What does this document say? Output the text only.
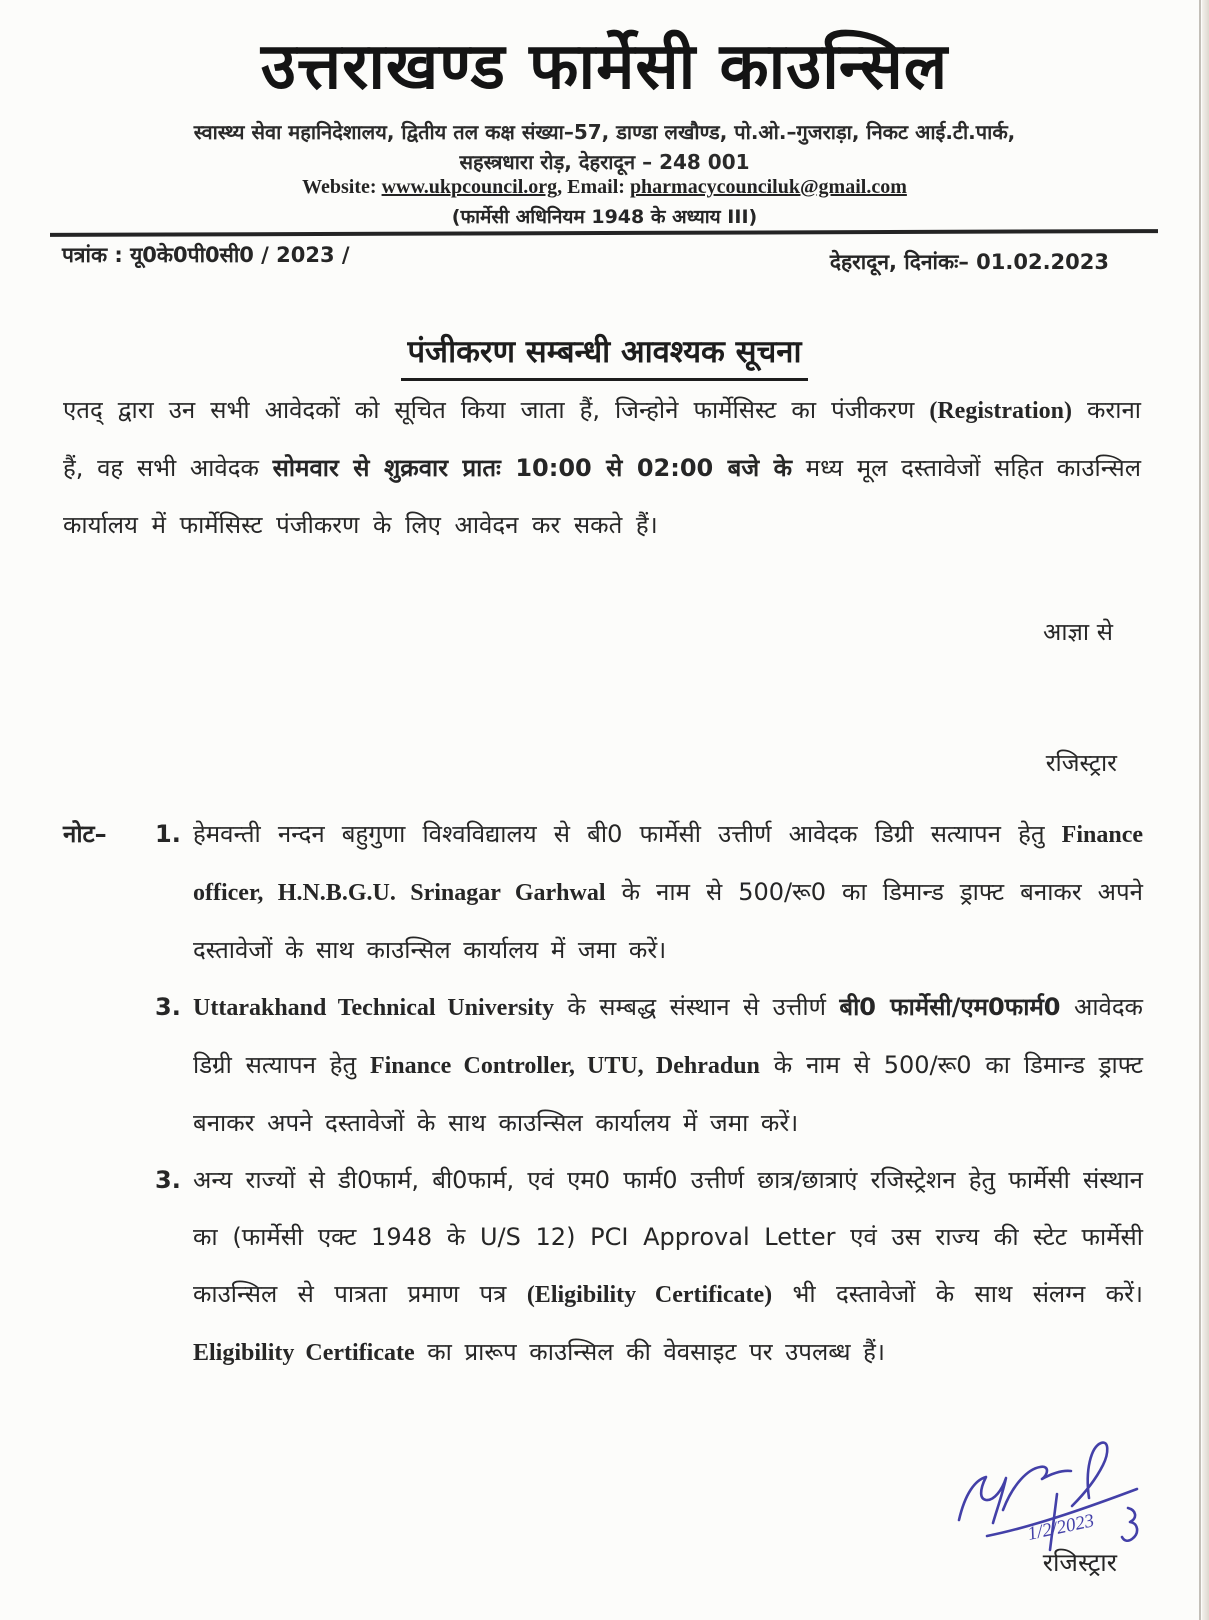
उत्तराखण्ड फार्मेसी काउन्सिल
स्वास्थ्य सेवा महानिदेशालय, द्वितीय तल कक्ष संख्या–57, डाण्डा लखौण्ड, पो.ओ.–गुजराड़ा, निकट आई.टी.पार्क,
सहस्त्रधारा रोड़, देहरादून – 248 001
Website: www.ukpcouncil.org, Email: pharmacycounciluk@gmail.com
(फार्मेसी अधिनियम 1948 के अध्याय III)
पत्रांक : यू0के0पी0सी0 / 2023 /	देहरादून, दिनांकः– 01.02.2023
पंजीकरण सम्बन्धी आवश्यक सूचना
एतद् द्वारा उन सभी आवेदकों को सूचित किया जाता हैं, जिन्होने फार्मेसिस्ट का पंजीकरण (Registration) कराना हैं, वह सभी आवेदक सोमवार से शुक्रवार प्रातः 10:00 से 02:00 बजे के मध्य मूल दस्तावेजों सहित काउन्सिल कार्यालय में फार्मेसिस्ट पंजीकरण के लिए आवेदन कर सकते हैं।
आज्ञा से
रजिस्ट्रार
नोट–	1. हेमवन्ती नन्दन बहुगुणा विश्वविद्यालय से बी0 फार्मेसी उत्तीर्ण आवेदक डिग्री सत्यापन हेतु Finance officer, H.N.B.G.U. Srinagar Garhwal के नाम से 500/रू0 का डिमान्ड ड्राफ्ट बनाकर अपने दस्तावेजों के साथ काउन्सिल कार्यालय में जमा करें।
3. Uttarakhand Technical University के सम्बद्ध संस्थान से उत्तीर्ण बी0 फार्मेसी/एम0फार्म0 आवेदक डिग्री सत्यापन हेतु Finance Controller, UTU, Dehradun के नाम से 500/रू0 का डिमान्ड ड्राफ्ट बनाकर अपने दस्तावेजों के साथ काउन्सिल कार्यालय में जमा करें।
3. अन्य राज्यों से डी0फार्म, बी0फार्म, एवं एम0 फार्म0 उत्तीर्ण छात्र/छात्राएं रजिस्ट्रेशन हेतु फार्मेसी संस्थान का (फार्मेसी एक्ट 1948 के U/S 12) PCI Approval Letter एवं उस राज्य की स्टेट फार्मेसी काउन्सिल से पात्रता प्रमाण पत्र (Eligibility Certificate) भी दस्तावेजों के साथ संलग्न करें। Eligibility Certificate का प्रारूप काउन्सिल की वेवसाइट पर उपलब्ध हैं।
1/2/2023
रजिस्ट्रार
